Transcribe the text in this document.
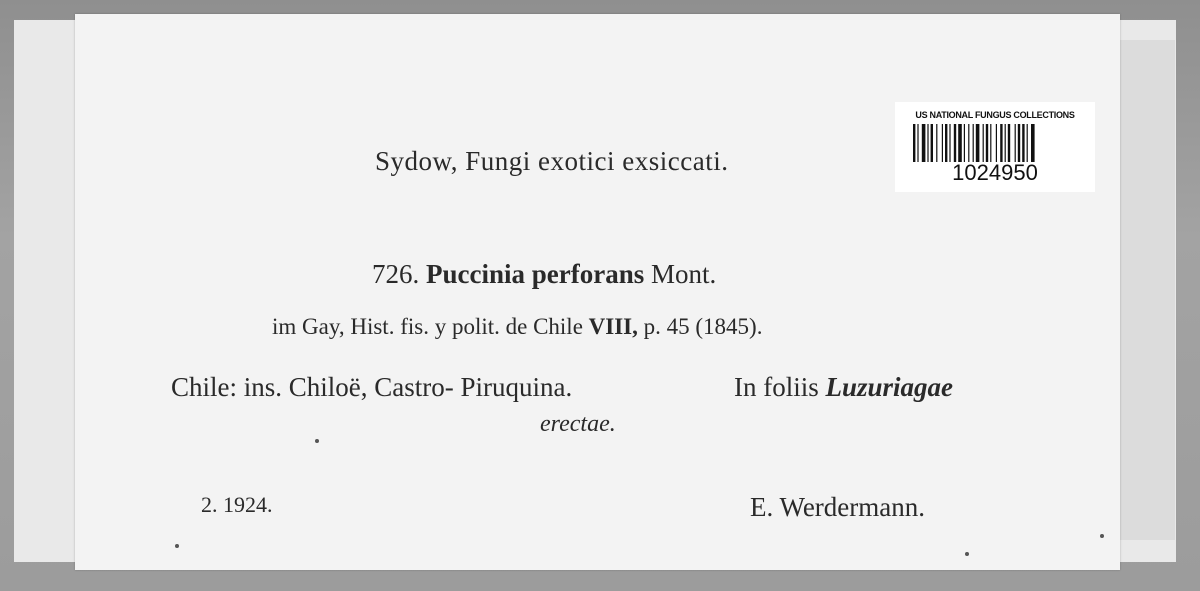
Sydow, Fungi exotici exsiccati.
726. Puccinia perforans Mont.
im Gay, Hist. fis. y polit. de Chile VIII, p. 45 (1845).
Chile: ins. Chiloë, Castro- Piruquina.	In foliis Luzuriagae
erectae.
2. 1924.	E. Werdermann.
US NATIONAL FUNGUS COLLECTIONS
1024950
